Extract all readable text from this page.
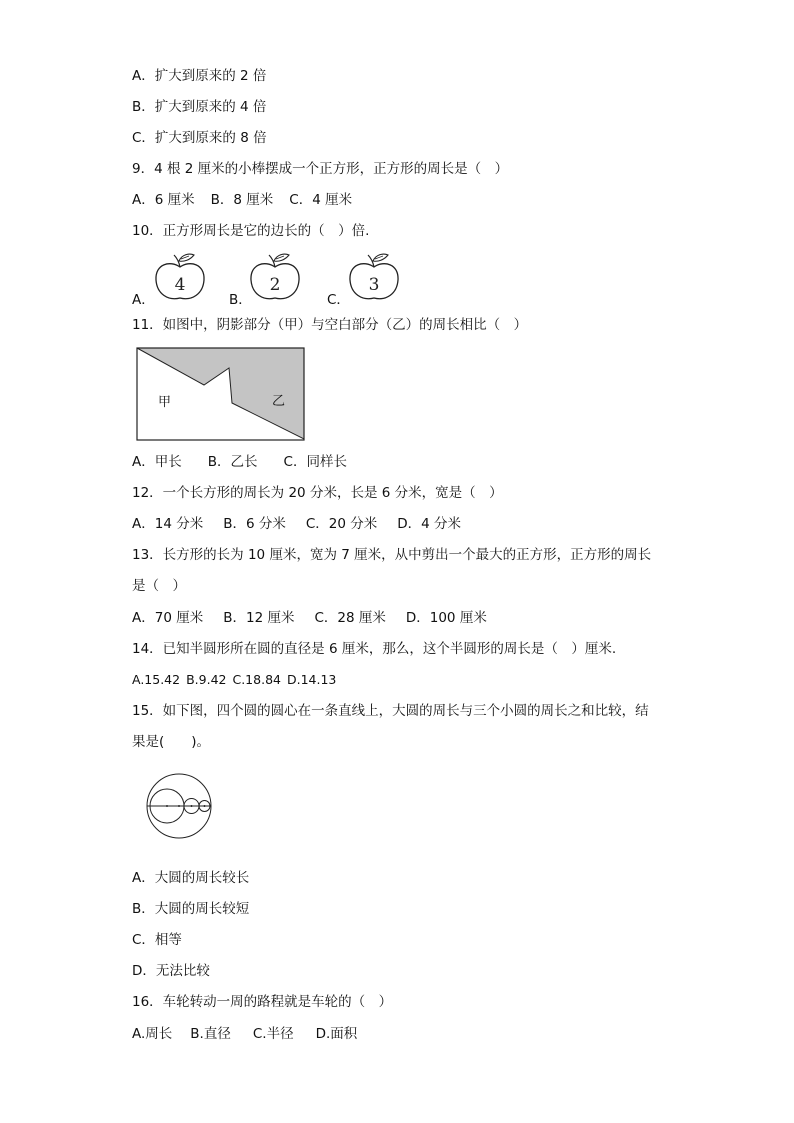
A．扩大到原来的 2 倍
B．扩大到原来的 4 倍
C．扩大到原来的 8 倍
9．4 根 2 厘米的小棒摆成一个正方形，正方形的周长是（　）
A．6 厘米 B．8 厘米 C．4 厘米
10．正方形周长是它的边长的（　）倍.
A．	B．	C．
4	2	3
11．如图中，阴影部分（甲）与空白部分（乙）的周长相比（　）
甲	乙
A．甲长 B．乙长 C．同样长
12．一个长方形的周长为 20 分米，长是 6 分米，宽是（　）
A．14 分米 B．6 分米 C．20 分米 D．4 分米
13．长方形的长为 10 厘米，宽为 7 厘米，从中剪出一个最大的正方形，正方形的周长
是（　）
A．70 厘米 B．12 厘米 C．28 厘米 D．100 厘米
14．已知半圆形所在圆的直径是 6 厘米，那么，这个半圆形的周长是（　）厘米.
A.15.42 B.9.42 C.18.84 D.14.13
15．如下图，四个圆的圆心在一条直线上，大圆的周长与三个小圆的周长之和比较，结
果是(　　)。
A．大圆的周长较长
B．大圆的周长较短
C．相等
D．无法比较
16．车轮转动一周的路程就是车轮的（　）
A.周长 B.直径 C.半径 D.面积
